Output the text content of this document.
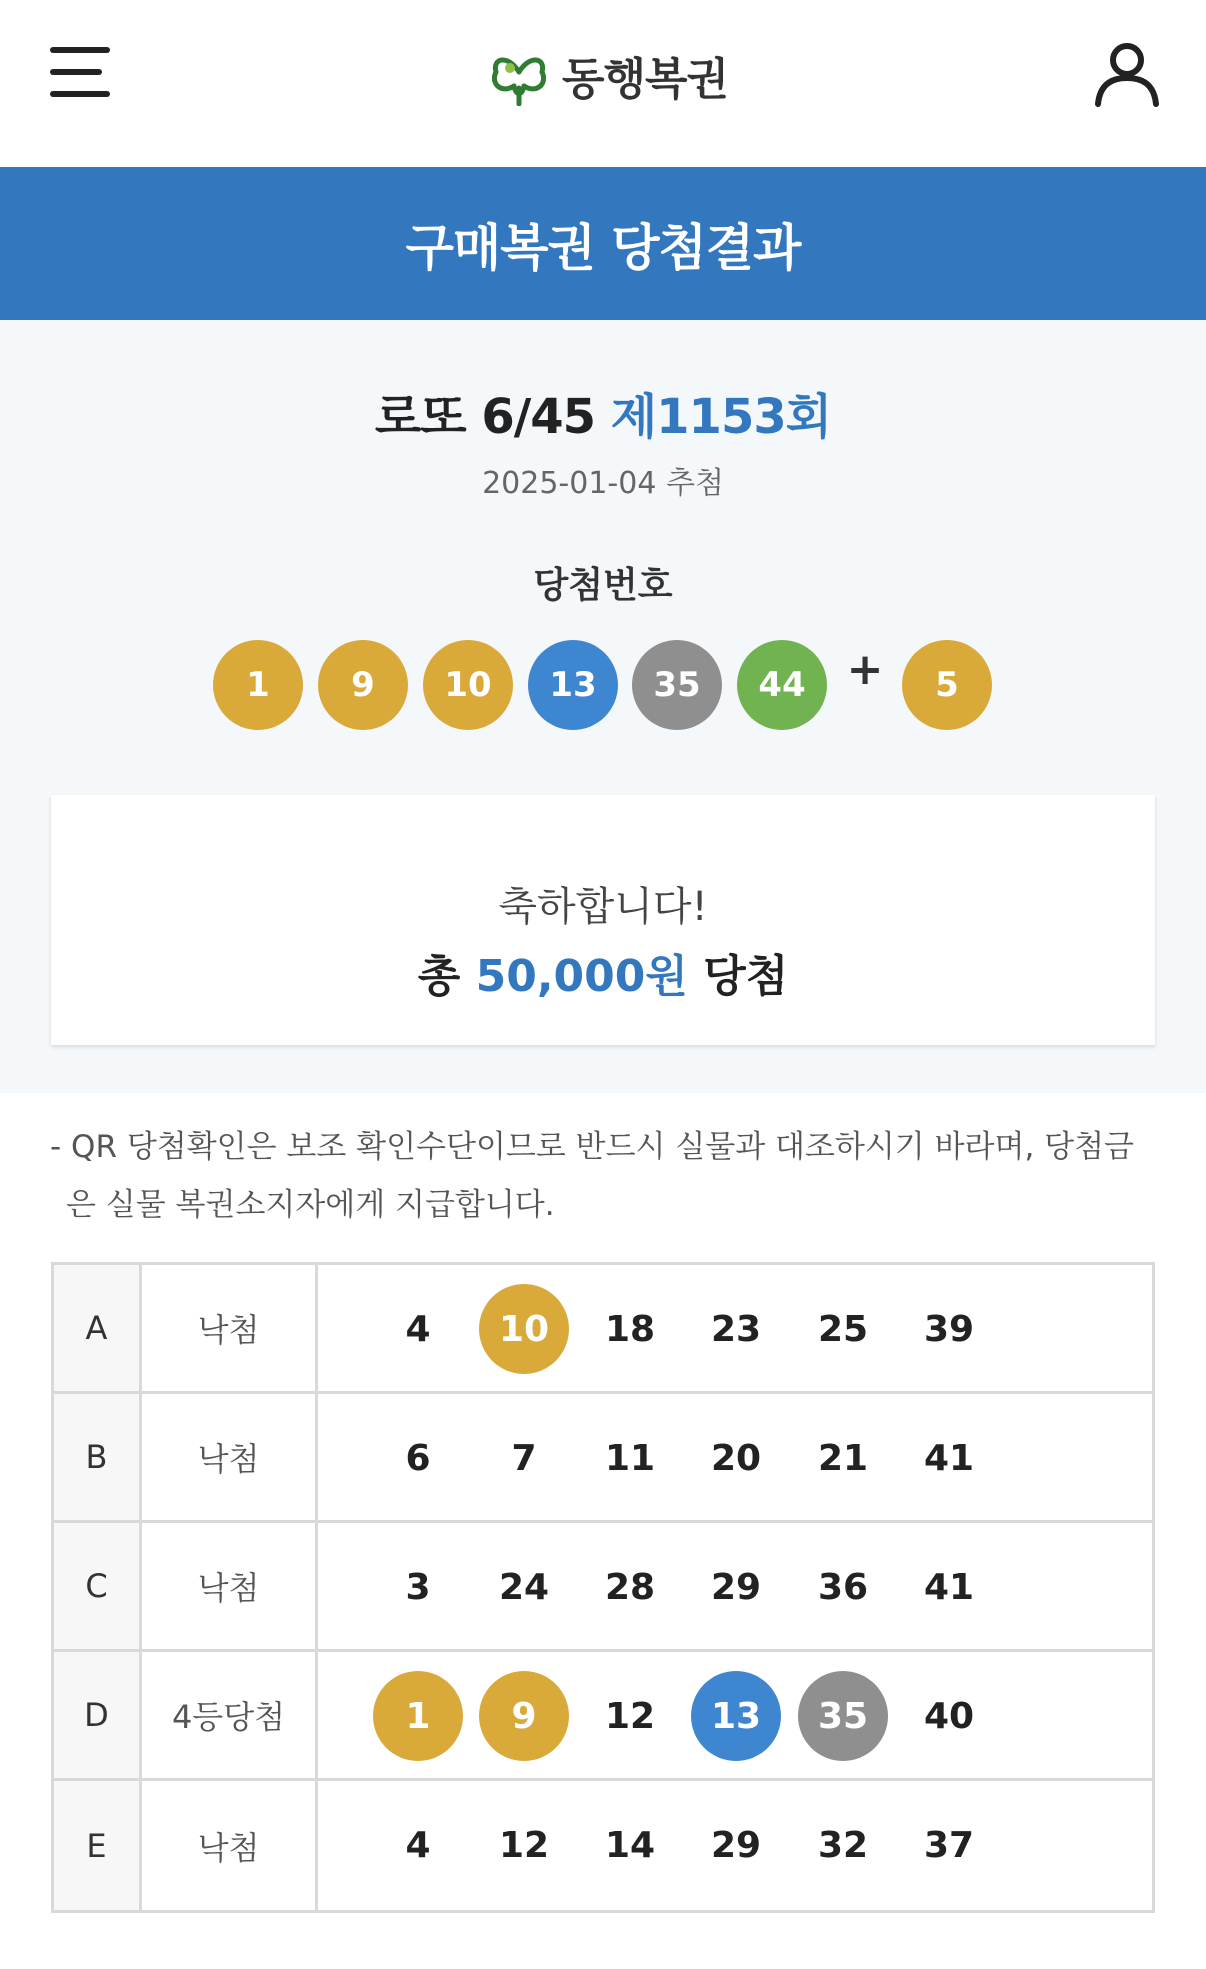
동행복권
구매복권 당첨결과
로또 6/45 제1153회
2025-01-04 추첨
당첨번호
1	9	10	13	35	44 +	5
축하합니다!
총 50,000원 당첨
- QR 당첨확인은 보조 확인수단이므로 반드시 실물과 대조하시기 바라며, 당첨금은 실물 복권소지자에게 지급합니다.
A	낙첨	4	10	18	23	25	39
B	낙첨	6	7	11	20	21	41
C	낙첨	3	24	28	29	36	41
D	4등당첨	1	9	12	13	35	40
E	낙첨	4	12	14	29	32	37
